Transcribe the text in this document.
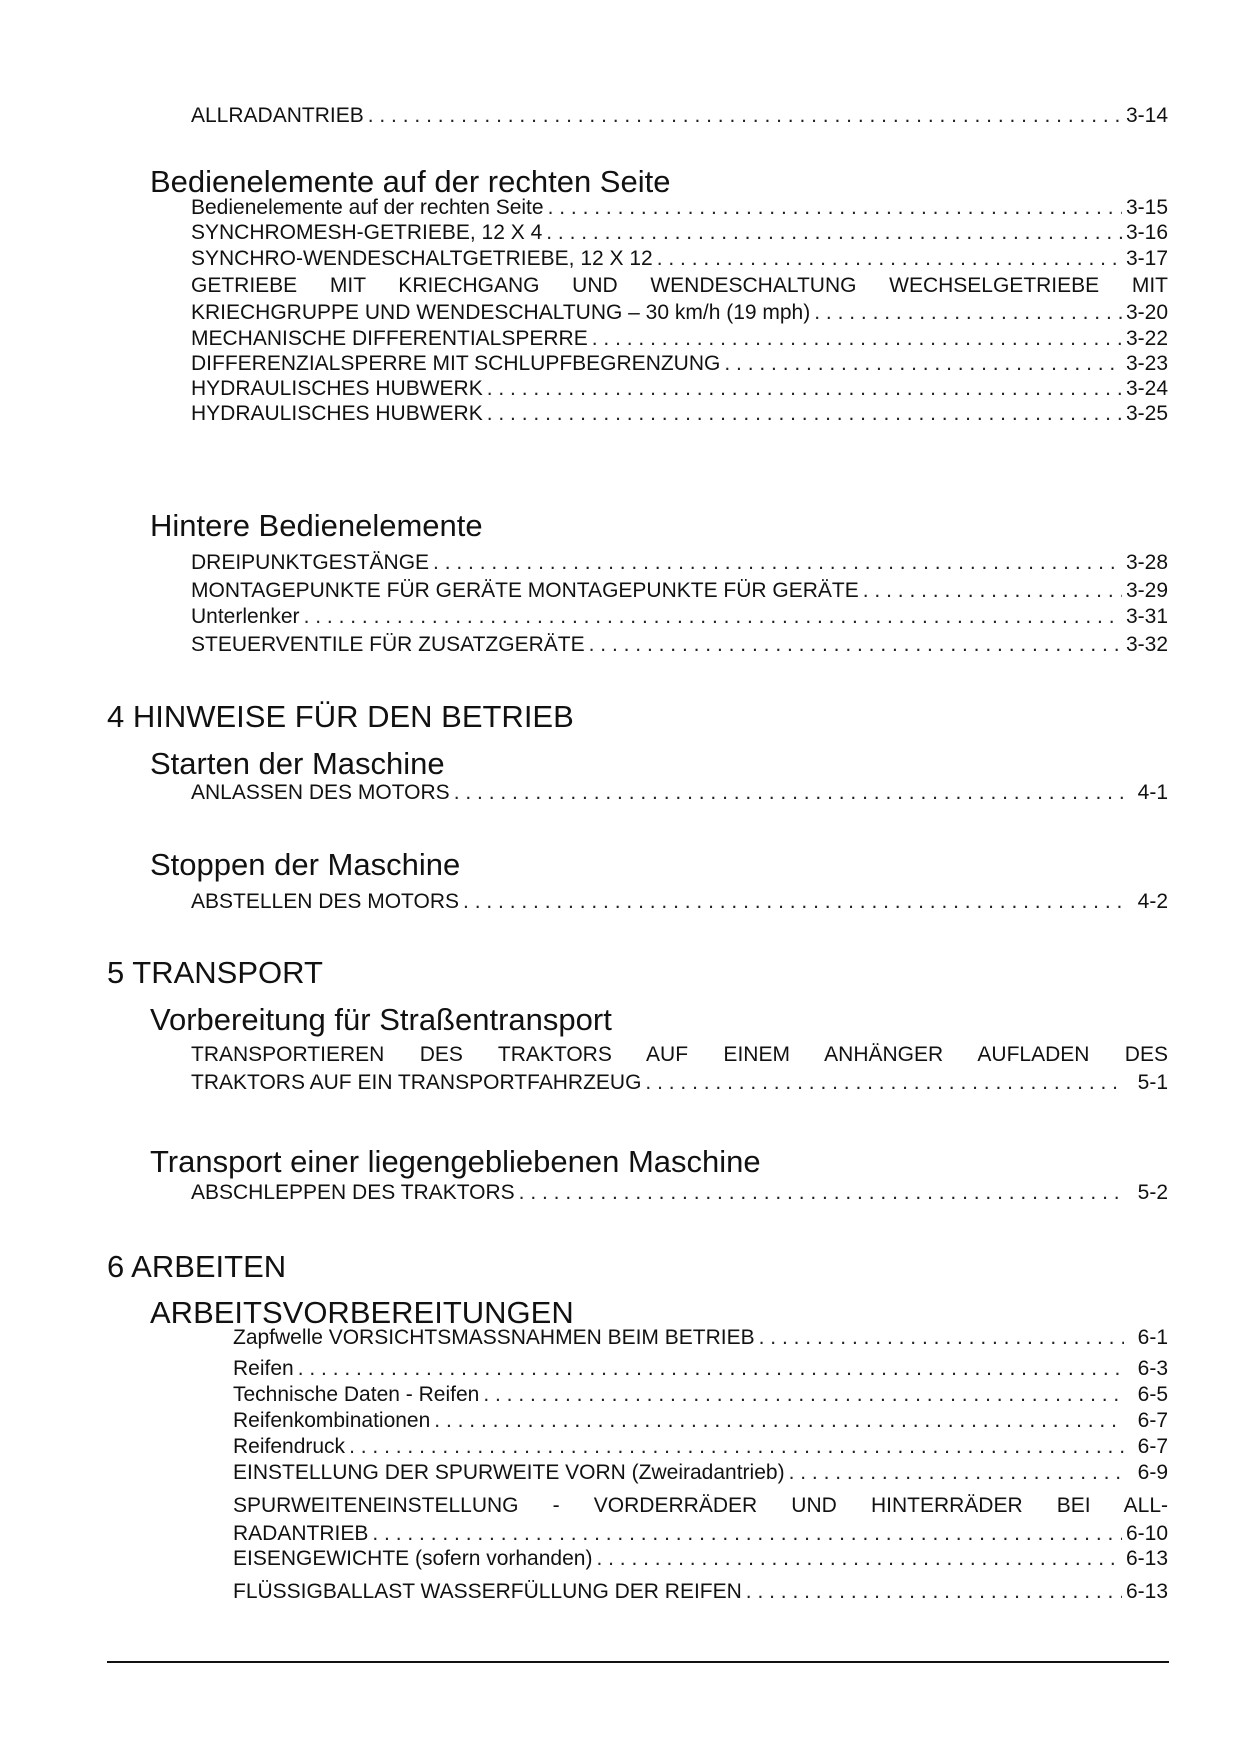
ALLRADANTRIEB . . .	3-14
Bedienelemente auf der rechten Seite
Bedienelemente auf der rechten Seite . . .	3-15
SYNCHROMESH-GETRIEBE, 12 X 4 . . .	3-16
SYNCHRO-WENDESCHALTGETRIEBE, 12 X 12 . . .	3-17
GETRIEBE MIT KRIECHGANG UND WENDESCHALTUNG WECHSELGETRIEBE MIT
KRIECHGRUPPE UND WENDESCHALTUNG – 30 km/h (19 mph) . . .	3-20
MECHANISCHE DIFFERENTIALSPERRE . . .	3-22
DIFFERENZIALSPERRE MIT SCHLUPFBEGRENZUNG . . .	3-23
HYDRAULISCHES HUBWERK . . .	3-24
HYDRAULISCHES HUBWERK . . .	3-25
Hintere Bedienelemente
DREIPUNKTGESTÄNGE . . .	3-28
MONTAGEPUNKTE FÜR GERÄTE MONTAGEPUNKTE FÜR GERÄTE . . .	3-29
Unterlenker . . .	3-31
STEUERVENTILE FÜR ZUSATZGERÄTE . . .	3-32
4 HINWEISE FÜR DEN BETRIEB
Starten der Maschine
ANLASSEN DES MOTORS . . .	4-1
Stoppen der Maschine
ABSTELLEN DES MOTORS . . .	4-2
5 TRANSPORT
Vorbereitung für Straßentransport
TRANSPORTIEREN DES TRAKTORS AUF EINEM ANHÄNGER AUFLADEN DES
TRAKTORS AUF EIN TRANSPORTFAHRZEUG . . .	5-1
Transport einer liegengebliebenen Maschine
ABSCHLEPPEN DES TRAKTORS . . .	5-2
6 ARBEITEN
ARBEITSVORBEREITUNGEN
Zapfwelle VORSICHTSMASSNAHMEN BEIM BETRIEB . . .	6-1
Reifen . . .	6-3
Technische Daten - Reifen . . .	6-5
Reifenkombinationen . . .	6-7
Reifendruck . . .	6-7
EINSTELLUNG DER SPURWEITE VORN (Zweiradantrieb) . . .	6-9
SPURWEITENEINSTELLUNG - VORDERRÄDER UND HINTERRÄDER BEI ALL-
RADANTRIEB . . .	6-10
EISENGEWICHTE (sofern vorhanden) . . .	6-13
FLÜSSIGBALLAST WASSERFÜLLUNG DER REIFEN . . .	6-13
